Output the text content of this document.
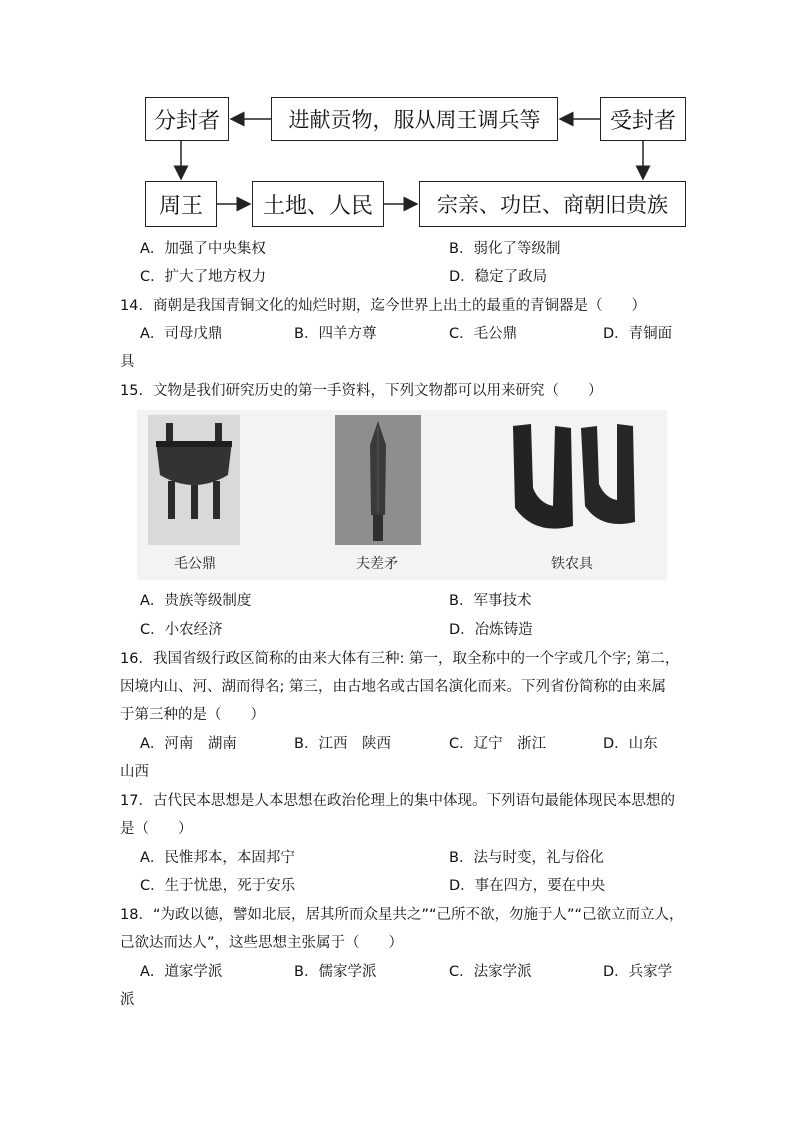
分封者	进献贡物，服从周王调兵等	受封者
周王	土地、人民	宗亲、功臣、商朝旧贵族
A．加强了中央集权	B．弱化了等级制
C．扩大了地方权力	D．稳定了政局
14．商朝是我国青铜文化的灿烂时期，迄今世界上出土的最重的青铜器是（　　）
A．司母戊鼎	B．四羊方尊	C．毛公鼎	D．青铜面
具
15．文物是我们研究历史的第一手资料，下列文物都可以用来研究（　　）
毛公鼎	夫差矛	铁农具
A．贵族等级制度	B．军事技术
C．小农经济	D．冶炼铸造
16．我国省级行政区简称的由来大体有三种: 第一，取全称中的一个字或几个字; 第二，
因境内山、河、湖而得名; 第三，由古地名或古国名演化而来。下列省份简称的由来属
于第三种的是（　　）
A．河南　湖南	B．江西　陕西	C．辽宁　浙江	D．山东
山西
17．古代民本思想是人本思想在政治伦理上的集中体现。下列语句最能体现民本思想的
是（　　）
A．民惟邦本，本固邦宁	B．法与时变，礼与俗化
C．生于忧患，死于安乐	D．事在四方，要在中央
18．“为政以德，譬如北辰，居其所而众星共之”“己所不欲，勿施于人”“己欲立而立人，
己欲达而达人”，这些思想主张属于（　　）
A．道家学派	B．儒家学派	C．法家学派	D．兵家学
派
